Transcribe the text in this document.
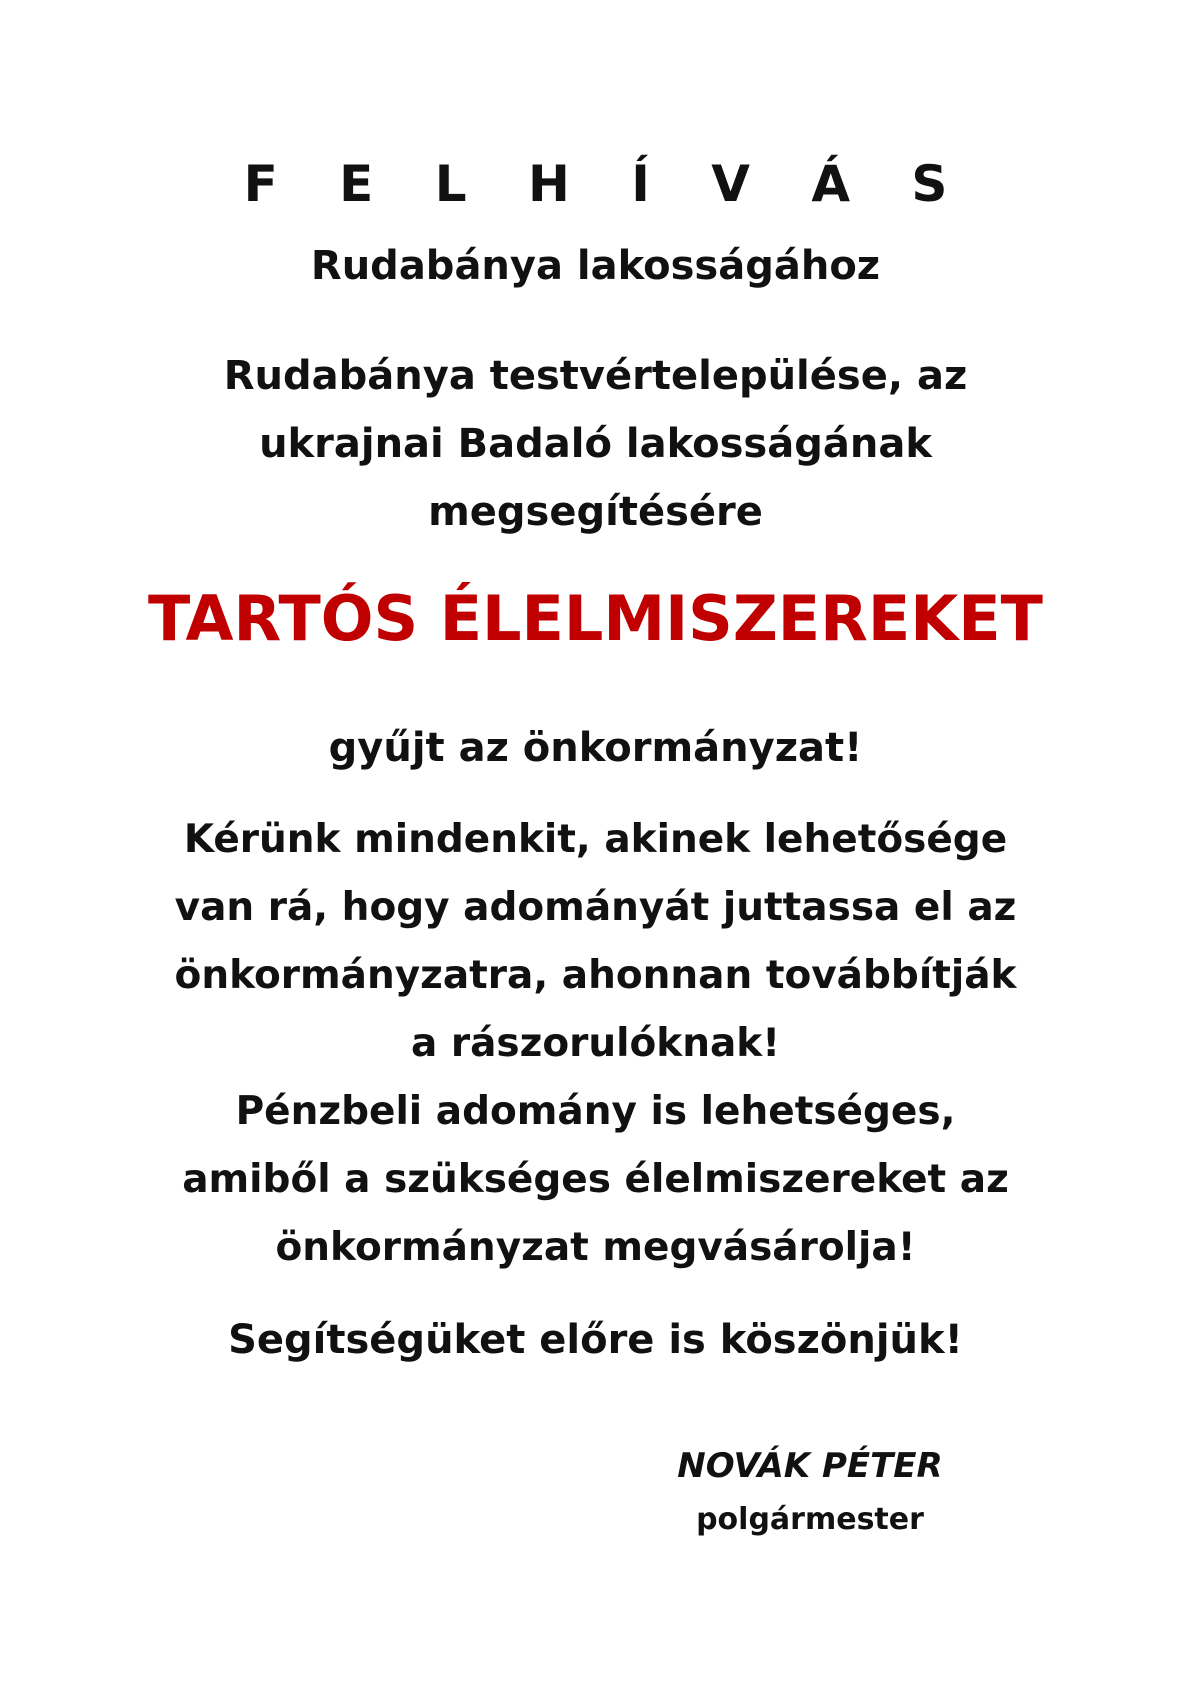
F E L H Í V Á S
Rudabánya lakosságához
Rudabánya testvértelepülése, az
ukrajnai Badaló lakosságának
megsegítésére
TARTÓS ÉLELMISZEREKET
gyűjt az önkormányzat!
Kérünk mindenkit, akinek lehetősége
van rá, hogy adományát juttassa el az
önkormányzatra, ahonnan továbbítják
a rászorulóknak!
Pénzbeli adomány is lehetséges,
amiből a szükséges élelmiszereket az
önkormányzat megvásárolja!
Segítségüket előre is köszönjük!
NOVÁK PÉTER
polgármester
